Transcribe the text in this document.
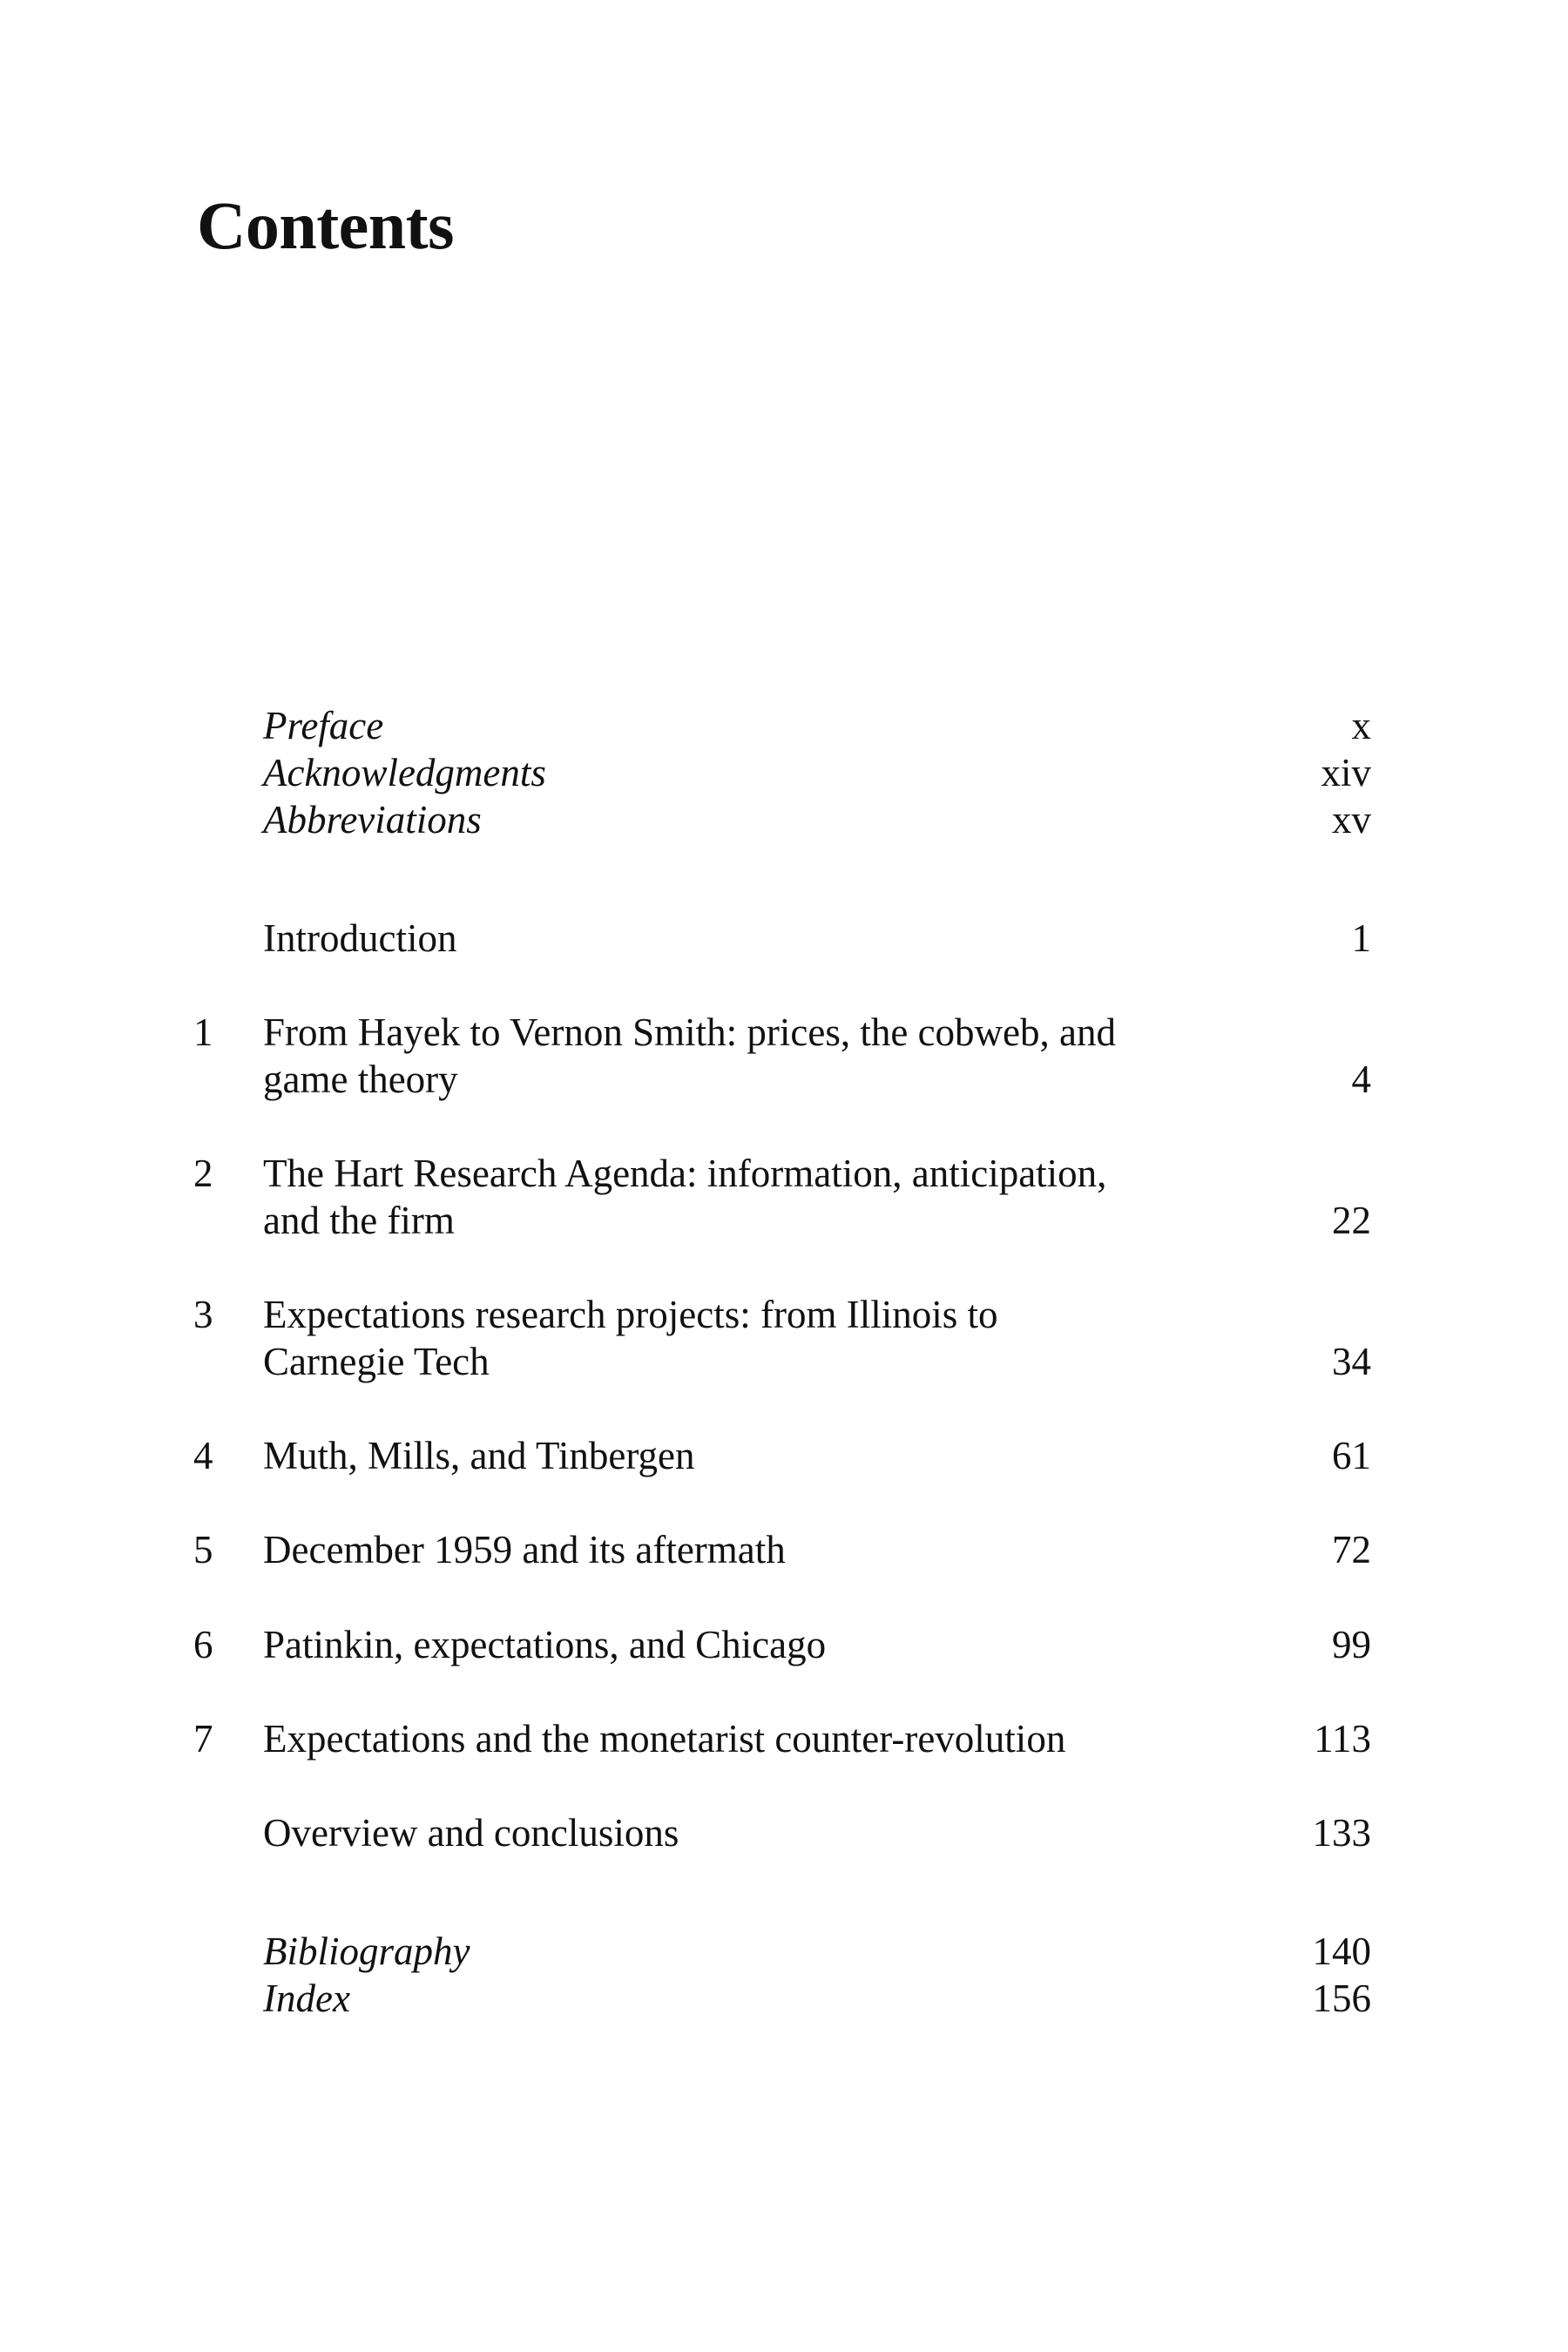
Contents
Preface	x
Acknowledgments	xiv
Abbreviations	xv
Introduction	1
1 From Hayek to Vernon Smith: prices, the cobweb, and
game theory	4
2 The Hart Research Agenda: information, anticipation,
and the firm	22
3 Expectations research projects: from Illinois to
Carnegie Tech	34
4 Muth, Mills, and Tinbergen	61
5 December 1959 and its aftermath	72
6 Patinkin, expectations, and Chicago	99
7 Expectations and the monetarist counter-revolution	113
Overview and conclusions	133
Bibliography	140
Index	156
